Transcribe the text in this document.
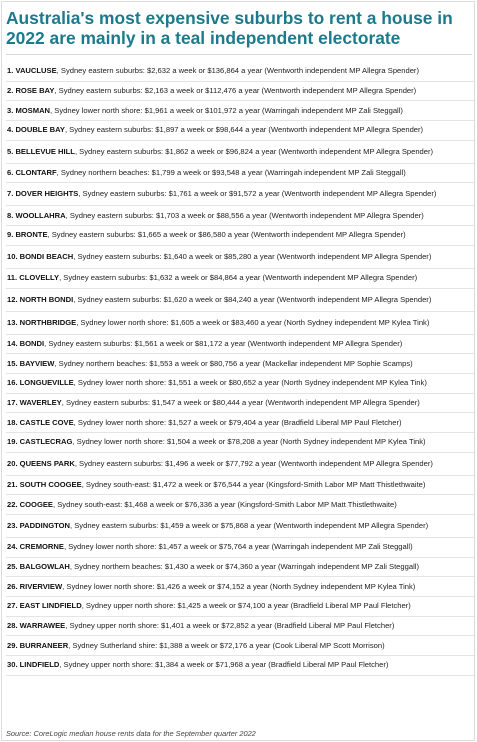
Australia's most expensive suburbs to rent a house in 2022 are mainly in a teal independent electorate
1. VAUCLUSE, Sydney eastern suburbs: $2,632 a week or $136,864 a year (Wentworth independent MP Allegra Spender)
2. ROSE BAY, Sydney eastern suburbs: $2,163 a week or $112,476 a year (Wentworth independent MP Allegra Spender)
3. MOSMAN, Sydney lower north shore: $1,961 a week or $101,972 a year (Warringah independent MP Zali Steggall)
4. DOUBLE BAY, Sydney eastern suburbs: $1,897 a week or $98,644 a year (Wentworth independent MP Allegra Spender)
5. BELLEVUE HILL, Sydney eastern suburbs: $1,862 a week or $96,824 a year (Wentworth independent MP Allegra Spender)
6. CLONTARF, Sydney northern beaches: $1,799 a week or $93,548 a year (Warringah independent MP Zali Steggall)
7. DOVER HEIGHTS, Sydney eastern suburbs: $1,761 a week or $91,572 a year (Wentworth independent MP Allegra Spender)
8. WOOLLAHRA, Sydney eastern suburbs: $1,703 a week or $88,556 a year (Wentworth independent MP Allegra Spender)
9. BRONTE, Sydney eastern suburbs: $1,665 a week or $86,580 a year (Wentworth independent MP Allegra Spender)
10. BONDI BEACH, Sydney eastern suburbs: $1,640 a week or $85,280 a year (Wentworth independent MP Allegra Spender)
11. CLOVELLY, Sydney eastern suburbs: $1,632 a week or $84,864 a year (Wentworth independent MP Allegra Spender)
12. NORTH BONDI, Sydney eastern suburbs: $1,620 a week or $84,240 a year (Wentworth independent MP Allegra Spender)
13. NORTHBRIDGE, Sydney lower north shore: $1,605 a week or $83,460 a year (North Sydney independent MP Kylea Tink)
14. BONDI, Sydney eastern suburbs: $1,561 a week or $81,172 a year (Wentworth independent MP Allegra Spender)
15. BAYVIEW, Sydney northern beaches: $1,553 a week or $80,756 a year (Mackellar independent MP Sophie Scamps)
16. LONGUEVILLE, Sydney lower north shore: $1,551 a week or $80,652 a year (North Sydney independent MP Kylea Tink)
17. WAVERLEY, Sydney eastern suburbs: $1,547 a week or $80,444 a year (Wentworth independent MP Allegra Spender)
18. CASTLE COVE, Sydney lower north shore: $1,527 a week or $79,404 a year (Bradfield Liberal MP Paul Fletcher)
19. CASTLECRAG, Sydney lower north shore: $1,504 a week or $78,208 a year (North Sydney independent MP Kylea Tink)
20. QUEENS PARK, Sydney eastern suburbs: $1,496 a week or $77,792 a year (Wentworth independent MP Allegra Spender)
21. SOUTH COOGEE, Sydney south-east: $1,472 a week or $76,544 a year (Kingsford-Smith Labor MP Matt Thistlethwaite)
22. COOGEE, Sydney south-east: $1,468 a week or $76,336 a year (Kingsford-Smith Labor MP Matt Thistlethwaite)
23. PADDINGTON, Sydney eastern suburbs: $1,459 a week or $75,868 a year (Wentworth independent MP Allegra Spender)
24. CREMORNE, Sydney lower north shore: $1,457 a week or $75,764 a year (Warringah independent MP Zali Steggall)
25. BALGOWLAH, Sydney northern beaches: $1,430 a week or $74,360 a year (Warringah independent MP Zali Steggall)
26. RIVERVIEW, Sydney lower north shore: $1,426 a week or $74,152 a year (North Sydney independent MP Kylea Tink)
27. EAST LINDFIELD, Sydney upper north shore: $1,425 a week or $74,100 a year (Bradfield Liberal MP Paul Fletcher)
28. WARRAWEE, Sydney upper north shore: $1,401 a week or $72,852 a year (Bradfield Liberal MP Paul Fletcher)
29. BURRANEER, Sydney Sutherland shire: $1,388 a week or $72,176 a year (Cook Liberal MP Scott Morrison)
30. LINDFIELD, Sydney upper north shore: $1,384 a week or $71,968 a year (Bradfield Liberal MP Paul Fletcher)
Source: CoreLogic median house rents data for the September quarter 2022
